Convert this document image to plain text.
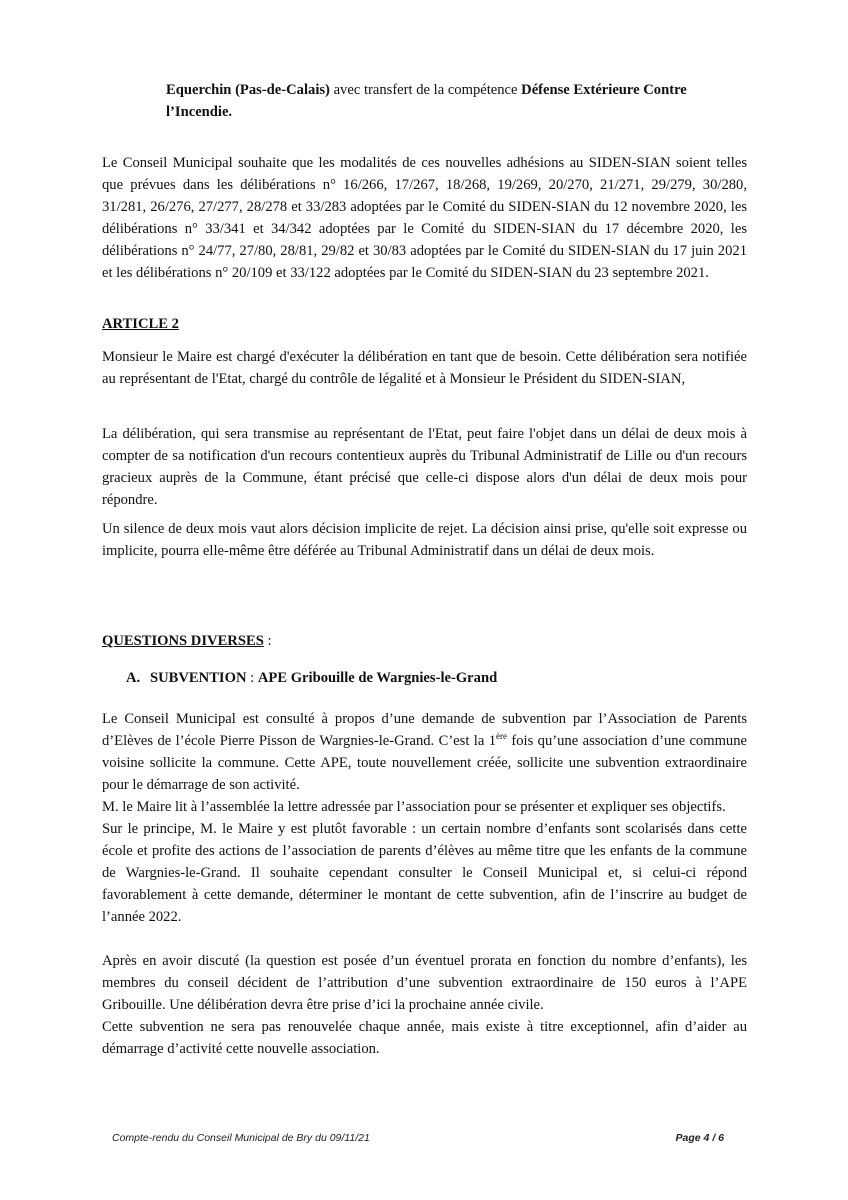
Equerchin (Pas-de-Calais) avec transfert de la compétence Défense Extérieure Contre l’Incendie.

Le Conseil Municipal souhaite que les modalités de ces nouvelles adhésions au SIDEN-SIAN soient telles que prévues dans les délibérations n° 16/266, 17/267, 18/268, 19/269, 20/270, 21/271, 29/279, 30/280, 31/281, 26/276, 27/277, 28/278 et 33/283 adoptées par le Comité du SIDEN-SIAN du 12 novembre 2020, les délibérations n° 33/341 et 34/342 adoptées par le Comité du SIDEN-SIAN du 17 décembre 2020, les délibérations n° 24/77, 27/80, 28/81, 29/82 et 30/83 adoptées par le Comité du SIDEN-SIAN du 17 juin 2021 et les délibérations n° 20/109 et 33/122 adoptées par le Comité du SIDEN-SIAN du 23 septembre 2021.

ARTICLE 2

Monsieur le Maire est chargé d'exécuter la délibération en tant que de besoin. Cette délibération sera notifiée au représentant de l'Etat, chargé du contrôle de légalité et à Monsieur le Président du SIDEN-SIAN,

La délibération, qui sera transmise au représentant de l'Etat, peut faire l'objet dans un délai de deux mois à compter de sa notification d'un recours contentieux auprès du Tribunal Administratif de Lille ou d'un recours gracieux auprès de la Commune, étant précisé que celle-ci dispose alors d'un délai de deux mois pour répondre.

Un silence de deux mois vaut alors décision implicite de rejet. La décision ainsi prise, qu'elle soit expresse ou implicite, pourra elle-même être déférée au Tribunal Administratif dans un délai de deux mois.

QUESTIONS DIVERSES :

A. SUBVENTION : APE Gribouille de Wargnies-le-Grand

Le Conseil Municipal est consulté à propos d’une demande de subvention par l’Association de Parents d’Elèves de l’école Pierre Pisson de Wargnies-le-Grand. C’est la 1ère fois qu’une association d’une commune voisine sollicite la commune. Cette APE, toute nouvellement créée, sollicite une subvention extraordinaire pour le démarrage de son activité.

M. le Maire lit à l’assemblée la lettre adressée par l’association pour se présenter et expliquer ses objectifs.

Sur le principe, M. le Maire y est plutôt favorable : un certain nombre d’enfants sont scolarisés dans cette école et profite des actions de l’association de parents d’élèves au même titre que les enfants de la commune de Wargnies-le-Grand. Il souhaite cependant consulter le Conseil Municipal et, si celui-ci répond favorablement à cette demande, déterminer le montant de cette subvention, afin de l’inscrire au budget de l’année 2022.

Après en avoir discuté (la question est posée d’un éventuel prorata en fonction du nombre d’enfants), les membres du conseil décident de l’attribution d’une subvention extraordinaire de 150 euros à l’APE Gribouille. Une délibération devra être prise d’ici la prochaine année civile.

Cette subvention ne sera pas renouvelée chaque année, mais existe à titre exceptionnel, afin d’aider au démarrage d’activité cette nouvelle association.

Compte-rendu du Conseil Municipal de Bry du 09/11/21	Page 4 / 6
